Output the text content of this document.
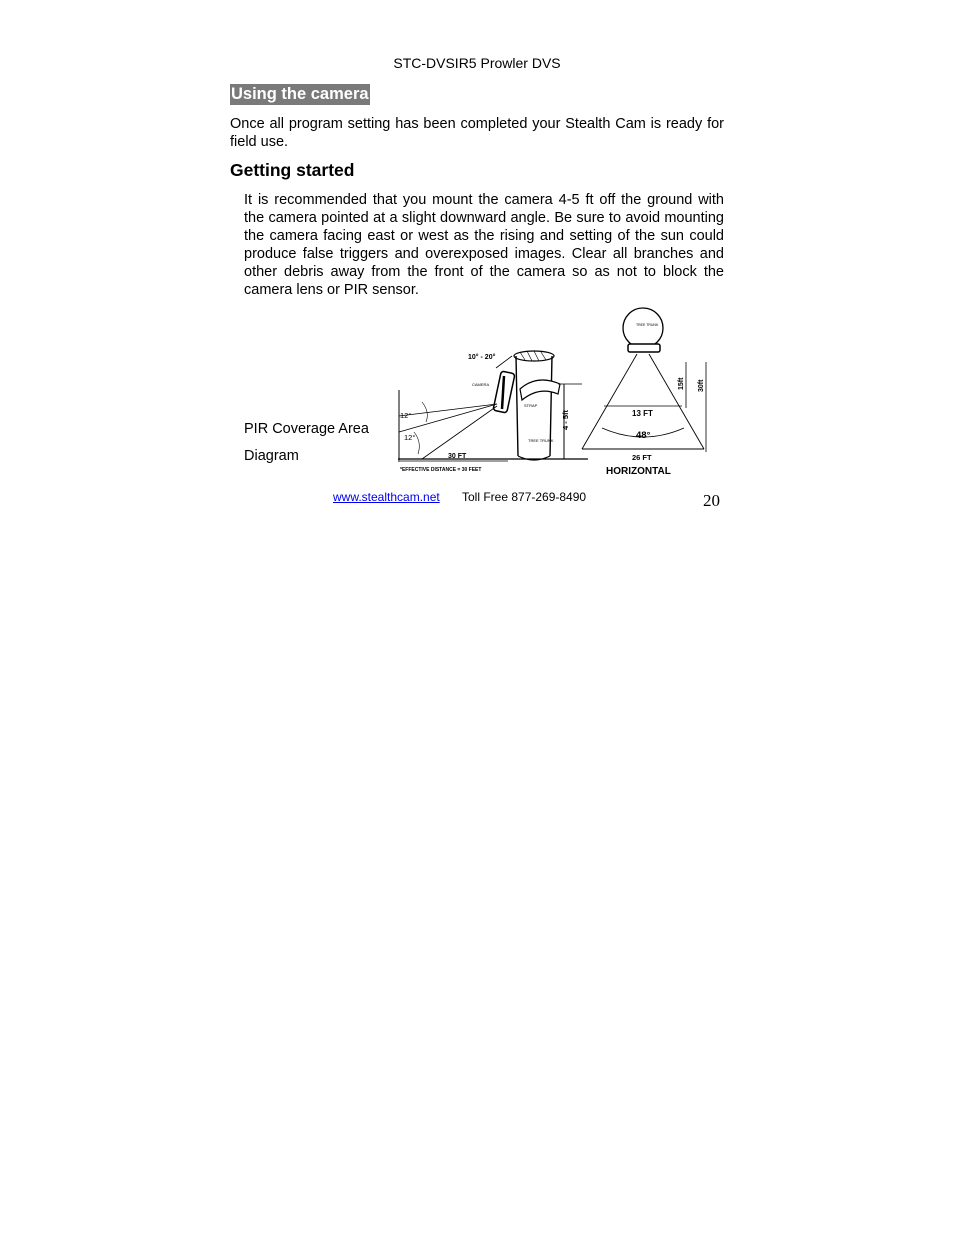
STC-DVSIR5 Prowler DVS
Using the camera
Once all program setting has been completed your Stealth Cam is ready for field use.
Getting started
It is recommended that you mount the camera 4-5 ft off the ground with the camera pointed at a slight downward angle. Be sure to avoid mounting the camera facing east or west as the rising and setting of the sun could produce false triggers and overexposed images. Clear all branches and other debris away from the front of the camera so as not to block the camera lens or PIR sensor.
PIR Coverage Area
Diagram
10° - 20°
CAMERA
STRAP
TREE TRUNK
4 - 5ft
12°
12°
30 FT
*EFFECTIVE DISTANCE = 30 FEET
TREE TRUNK
13 FT
48°
26 FT
15ft 30ft
HORIZONTAL
www.stealthcam.net Toll Free 877-269-8490	20
